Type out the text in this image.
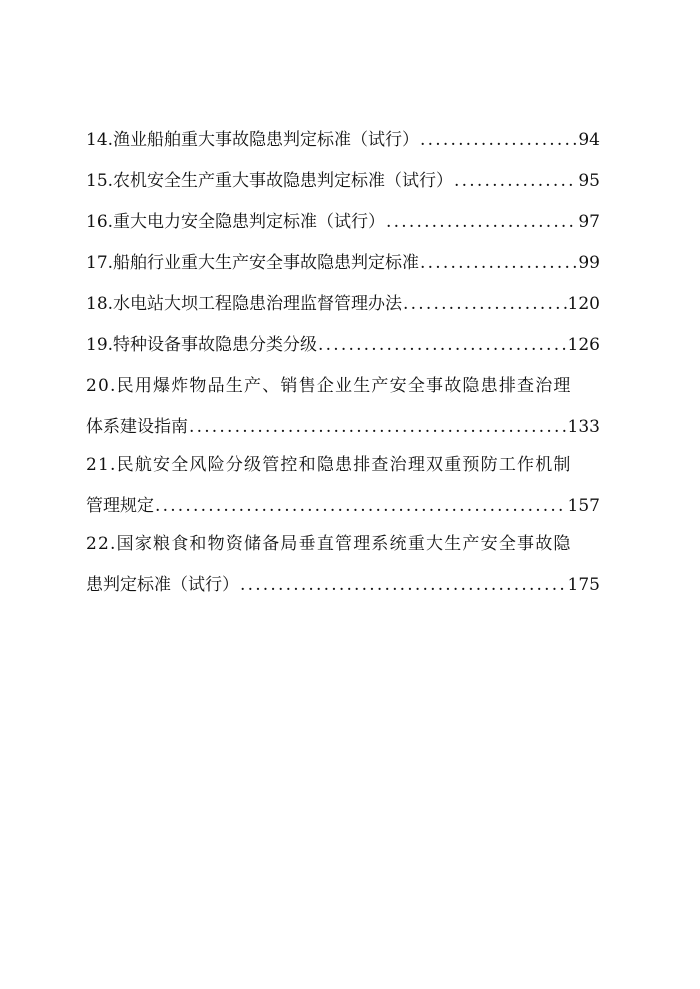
14.渔业船舶重大事故隐患判定标准（试行） .....	94
15.农机安全生产重大事故隐患判定标准（试行） .....	95
16.重大电力安全隐患判定标准（试行） .....	97
17.船舶行业重大生产安全事故隐患判定标准 .....	99
18.水电站大坝工程隐患治理监督管理办法 .....	120
19.特种设备事故隐患分类分级 .....	126
20.民用爆炸物品生产、销售企业生产安全事故隐患排查治理
体系建设指南 .....	133
21.民航安全风险分级管控和隐患排查治理双重预防工作机制
管理规定 .....	157
22.国家粮食和物资储备局垂直管理系统重大生产安全事故隐
患判定标准（试行） .....	175
